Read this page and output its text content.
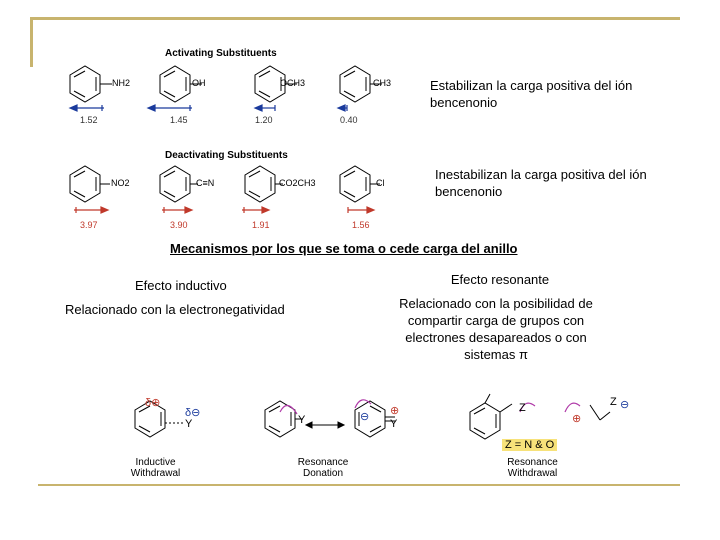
Activating Substituents
NH2	OH	OCH3	CH3
1.52	1.45	1.20	0.40
Estabilizan la carga positiva del ión bencenonio
Deactivating Substituents
NO2	C≡N	CO2CH3	Cl
3.97	3.90	1.91	1.56
Inestabilizan la carga positiva del ión bencenonio
Mecanismos por los que se toma o cede carga del anillo
Efecto inductivo
Relacionado con la electronegatividad
Efecto resonante
Relacionado con la posibilidad de compartir carga de grupos con electrones desapareados o con sistemas π
δ⊕
δ⊖
Y	Y	⊖ ⊕
Y
Z
⊕
Z ⊖
Z = N & O
Inductive Withdrawal
Resonance Donation
Resonance Withdrawal
